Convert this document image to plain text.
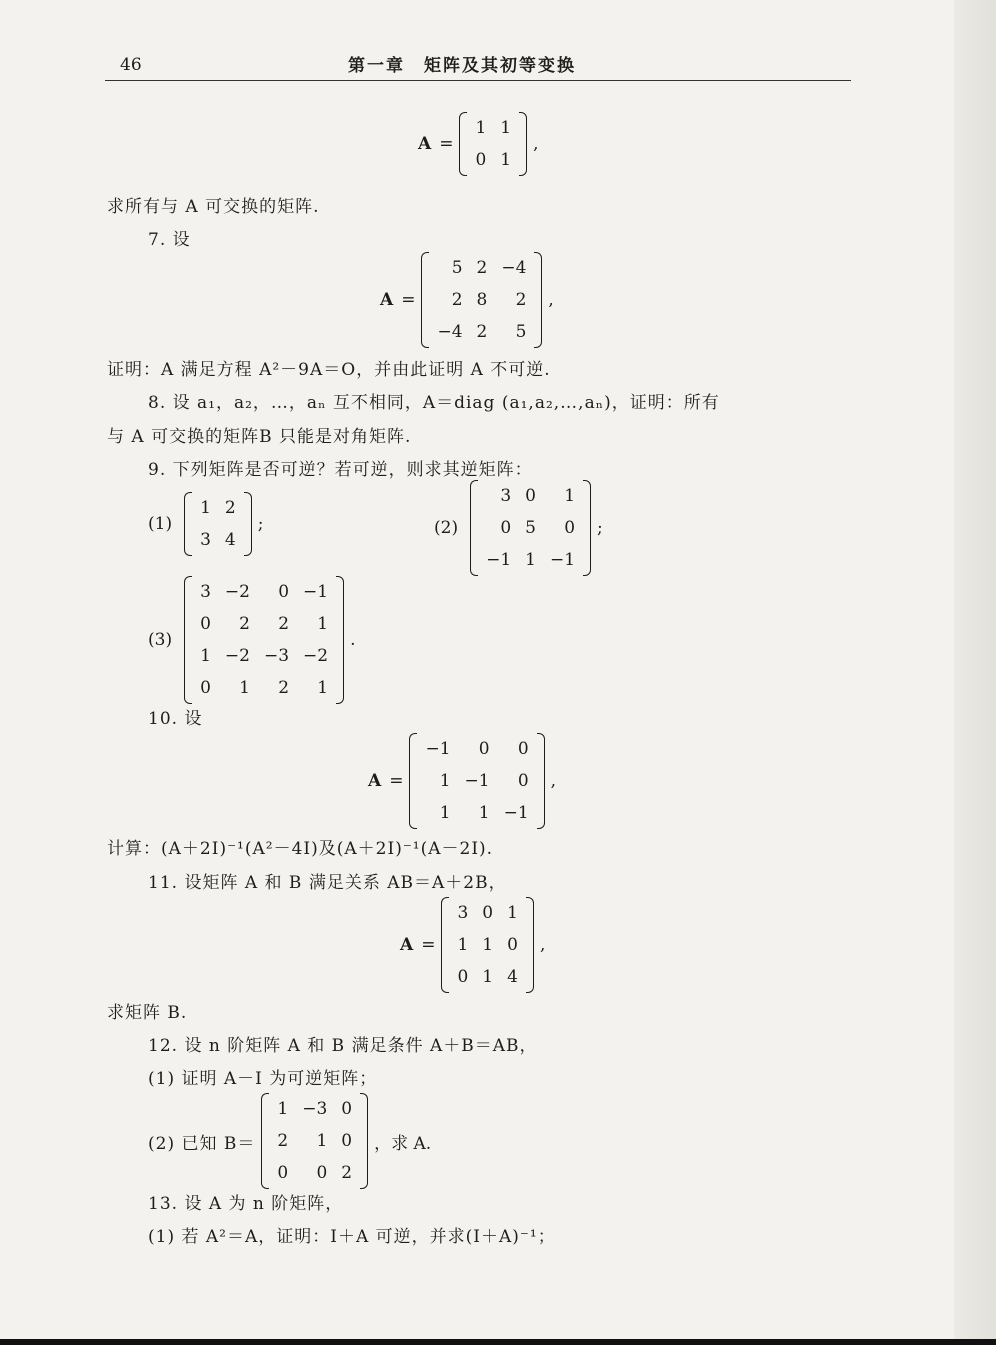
46	第一章　矩阵及其初等变换
A =
1	1
0	1
,
求所有与 A 可交换的矩阵.
7. 设
A =
5	2	−4
2	8	2
−4	2	5
,
证明：A 满足方程 A²－9A＝O，并由此证明 A 不可逆.
8. 设 a₁，a₂，…，aₙ 互不相同，A＝diag (a₁,a₂,…,aₙ)，证明：所有
与 A 可交换的矩阵B 只能是对角矩阵.
9. 下列矩阵是否可逆？若可逆，则求其逆矩阵：
(1)
1	2
3	4
;	(2)
3	0	1
0	5	0
−1	1	−1
;
(3)
3	−2	0	−1
0	2	2	1
1	−2	−3	−2
0	1	2	1
.
10. 设
A =
−1	0	0
1	−1	0
1	1	−1
,
计算：(A＋2I)⁻¹(A²－4I)及(A＋2I)⁻¹(A－2I).
11. 设矩阵 A 和 B 满足关系 AB＝A＋2B，
A =
3	0	1
1	1	0
0	1	4
,
求矩阵 B.
12. 设 n 阶矩阵 A 和 B 满足条件 A＋B＝AB，
(1) 证明 A－I 为可逆矩阵；
(2) 已知 B＝
1	−3	0
2	1	0
0	0	2
，求 A.
13. 设 A 为 n 阶矩阵，
(1) 若 A²＝A，证明：I＋A 可逆，并求(I＋A)⁻¹；
